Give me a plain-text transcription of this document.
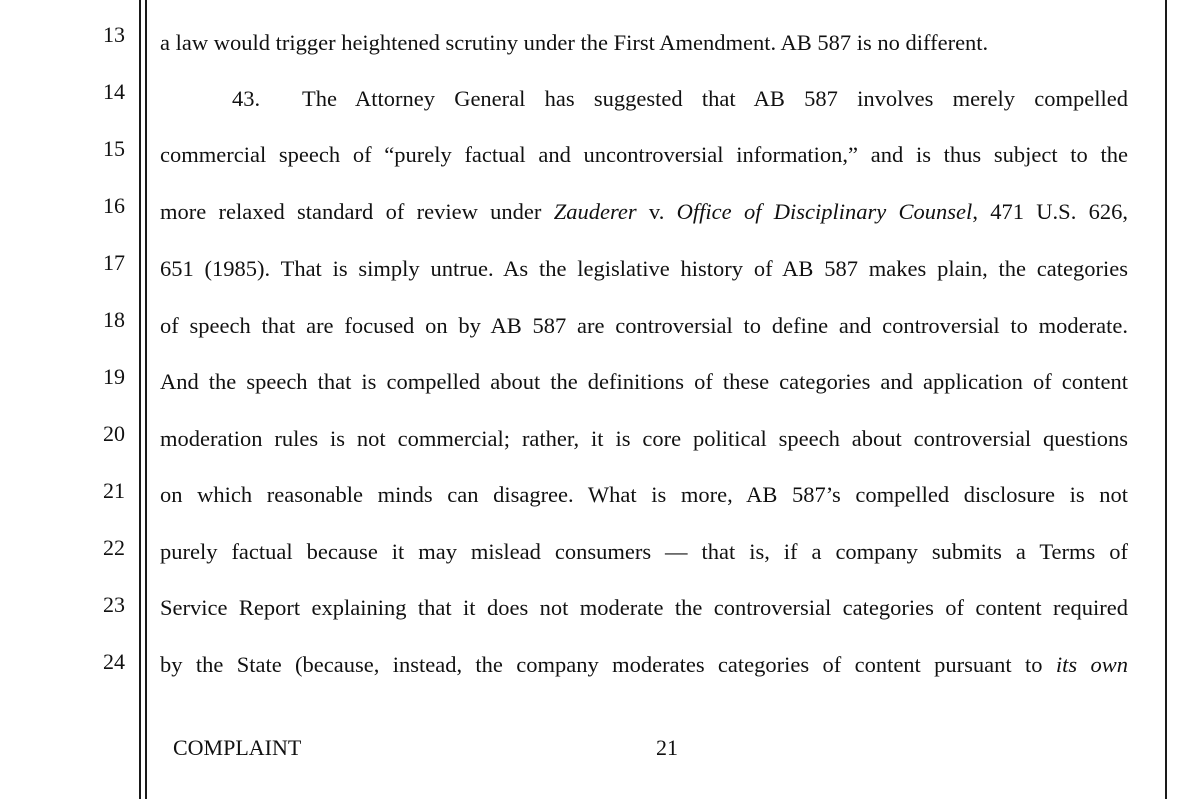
13
14
15
16
17
18
19
20
21
22
23
24
a law would trigger heightened scrutiny under the First Amendment. AB 587 is no different.
43. The Attorney General has suggested that AB 587 involves merely compelled
commercial speech of “purely factual and uncontroversial information,” and is thus subject to the
more relaxed standard of review under Zauderer v. Office of Disciplinary Counsel, 471 U.S. 626,
651 (1985). That is simply untrue. As the legislative history of AB 587 makes plain, the categories
of speech that are focused on by AB 587 are controversial to define and controversial to moderate.
And the speech that is compelled about the definitions of these categories and application of content
moderation rules is not commercial; rather, it is core political speech about controversial questions
on which reasonable minds can disagree. What is more, AB 587’s compelled disclosure is not
purely factual because it may mislead consumers — that is, if a company submits a Terms of
Service Report explaining that it does not moderate the controversial categories of content required
by the State (because, instead, the company moderates categories of content pursuant to its own
COMPLAINT	21
